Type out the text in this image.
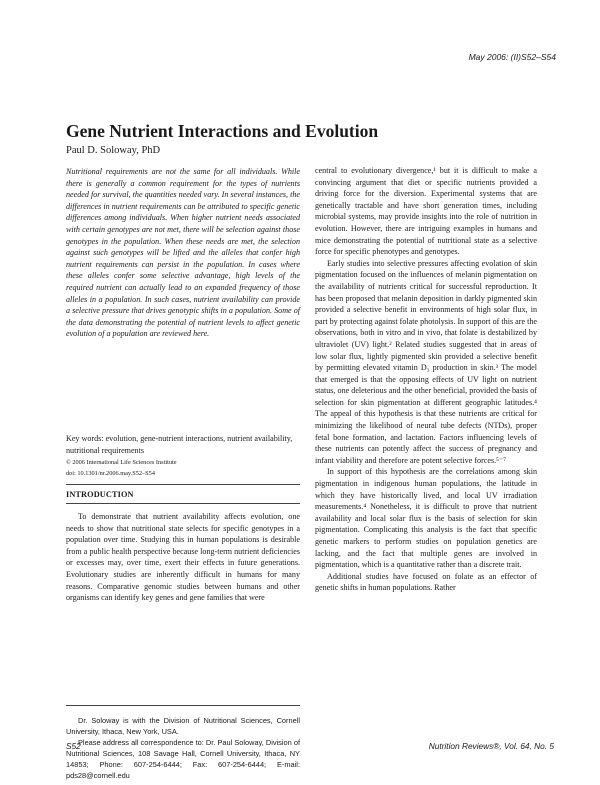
May 2006: (II)S52–S54
Gene Nutrient Interactions and Evolution
Paul D. Soloway, PhD
Nutritional requirements are not the same for all individuals. While there is generally a common requirement for the types of nutrients needed for survival, the quantities needed vary. In several instances, the differences in nutrient requirements can be attributed to specific genetic differences among individuals. When higher nutrient needs associated with certain genotypes are not met, there will be selection against those genotypes in the population. When these needs are met, the selection against such genotypes will be lifted and the alleles that confer high nutrient requirements can persist in the population. In cases where these alleles confer some selective advantage, high levels of the required nutrient can actually lead to an expanded frequency of those alleles in a population. In such cases, nutrient availability can provide a selective pressure that drives genotypic shifts in a population. Some of the data demonstrating the potential of nutrient levels to affect genetic evolution of a population are reviewed here.
Key words: evolution, gene-nutrient interactions, nutrient availability, nutritional requirements
© 2006 International Life Sciences Institute
doi: 10.1301/nr.2006.may.S52–S54
INTRODUCTION

To demonstrate that nutrient availability affects evolution, one needs to show that nutritional state selects for specific genotypes in a population over time. Studying this in human populations is desirable from a public health perspective because long-term nutrient deficiencies or excesses may, over time, exert their effects in future generations. Evolutionary studies are inherently difficult in humans for many reasons. Comparative genomic studies between humans and other organisms can identify key genes and gene families that were

Dr. Soloway is with the Division of Nutritional Sciences, Cornell University, Ithaca, New York, USA.

Please address all correspondence to: Dr. Paul Soloway, Division of Nutritional Sciences, 108 Savage Hall, Cornell University, Ithaca, NY 14853; Phone: 607-254-6444; Fax: 607-254-6444; E-mail: pds28@cornell.edu

central to evolutionary divergence,¹ but it is difficult to make a convincing argument that diet or specific nutrients provided a driving force for the diversion. Experimental systems that are genetically tractable and have short generation times, including microbial systems, may provide insights into the role of nutrition in evolution. However, there are intriguing examples in humans and mice demonstrating the potential of nutritional state as a selective force for specific phenotypes and genotypes.

Early studies into selective pressures affecting evolation of skin pigmentation focused on the influences of melanin pigmentation on the availability of nutrients critical for successful reproduction. It has been proposed that melanin deposition in darkly pigmented skin provided a selective benefit in environments of high solar flux, in part by protecting against folate photolysis. In support of this are the observations, both in vitro and in vivo, that folate is destabilized by ultraviolet (UV) light.² Related studies suggested that in areas of low solar flux, lightly pigmented skin provided a selective benefit by permitting elevated vitamin D₃ production in skin.³ The model that emerged is that the opposing effects of UV light on nutrient status, one deleterious and the other beneficial, provided the basis of selection for skin pigmentation at different geographic latitudes.⁴ The appeal of this hypothesis is that these nutrients are critical for minimizing the likelihood of neural tube defects (NTDs), proper fetal bone formation, and lactation. Factors influencing levels of these nutrients can potently affect the success of pregnancy and infant viability and therefore are potent selective forces.⁵⁻⁷

In support of this hypothesis are the correlations among skin pigmentation in indigenous human populations, the latitude in which they have historically lived, and local UV irradiation measurements.⁴ Nonetheless, it is difficult to prove that nutrient availability and local solar flux is the basis of selection for skin pigmentation. Complicating this analysis is the fact that specific genetic markers to perform studies on population genetics are lacking, and the fact that multiple genes are involved in pigmentation, which is a quantitative rather than a discrete trait.

Additional studies have focused on folate as an effector of genetic shifts in human populations. Rather

S52	Nutrition Reviews®, Vol. 64, No. 5
